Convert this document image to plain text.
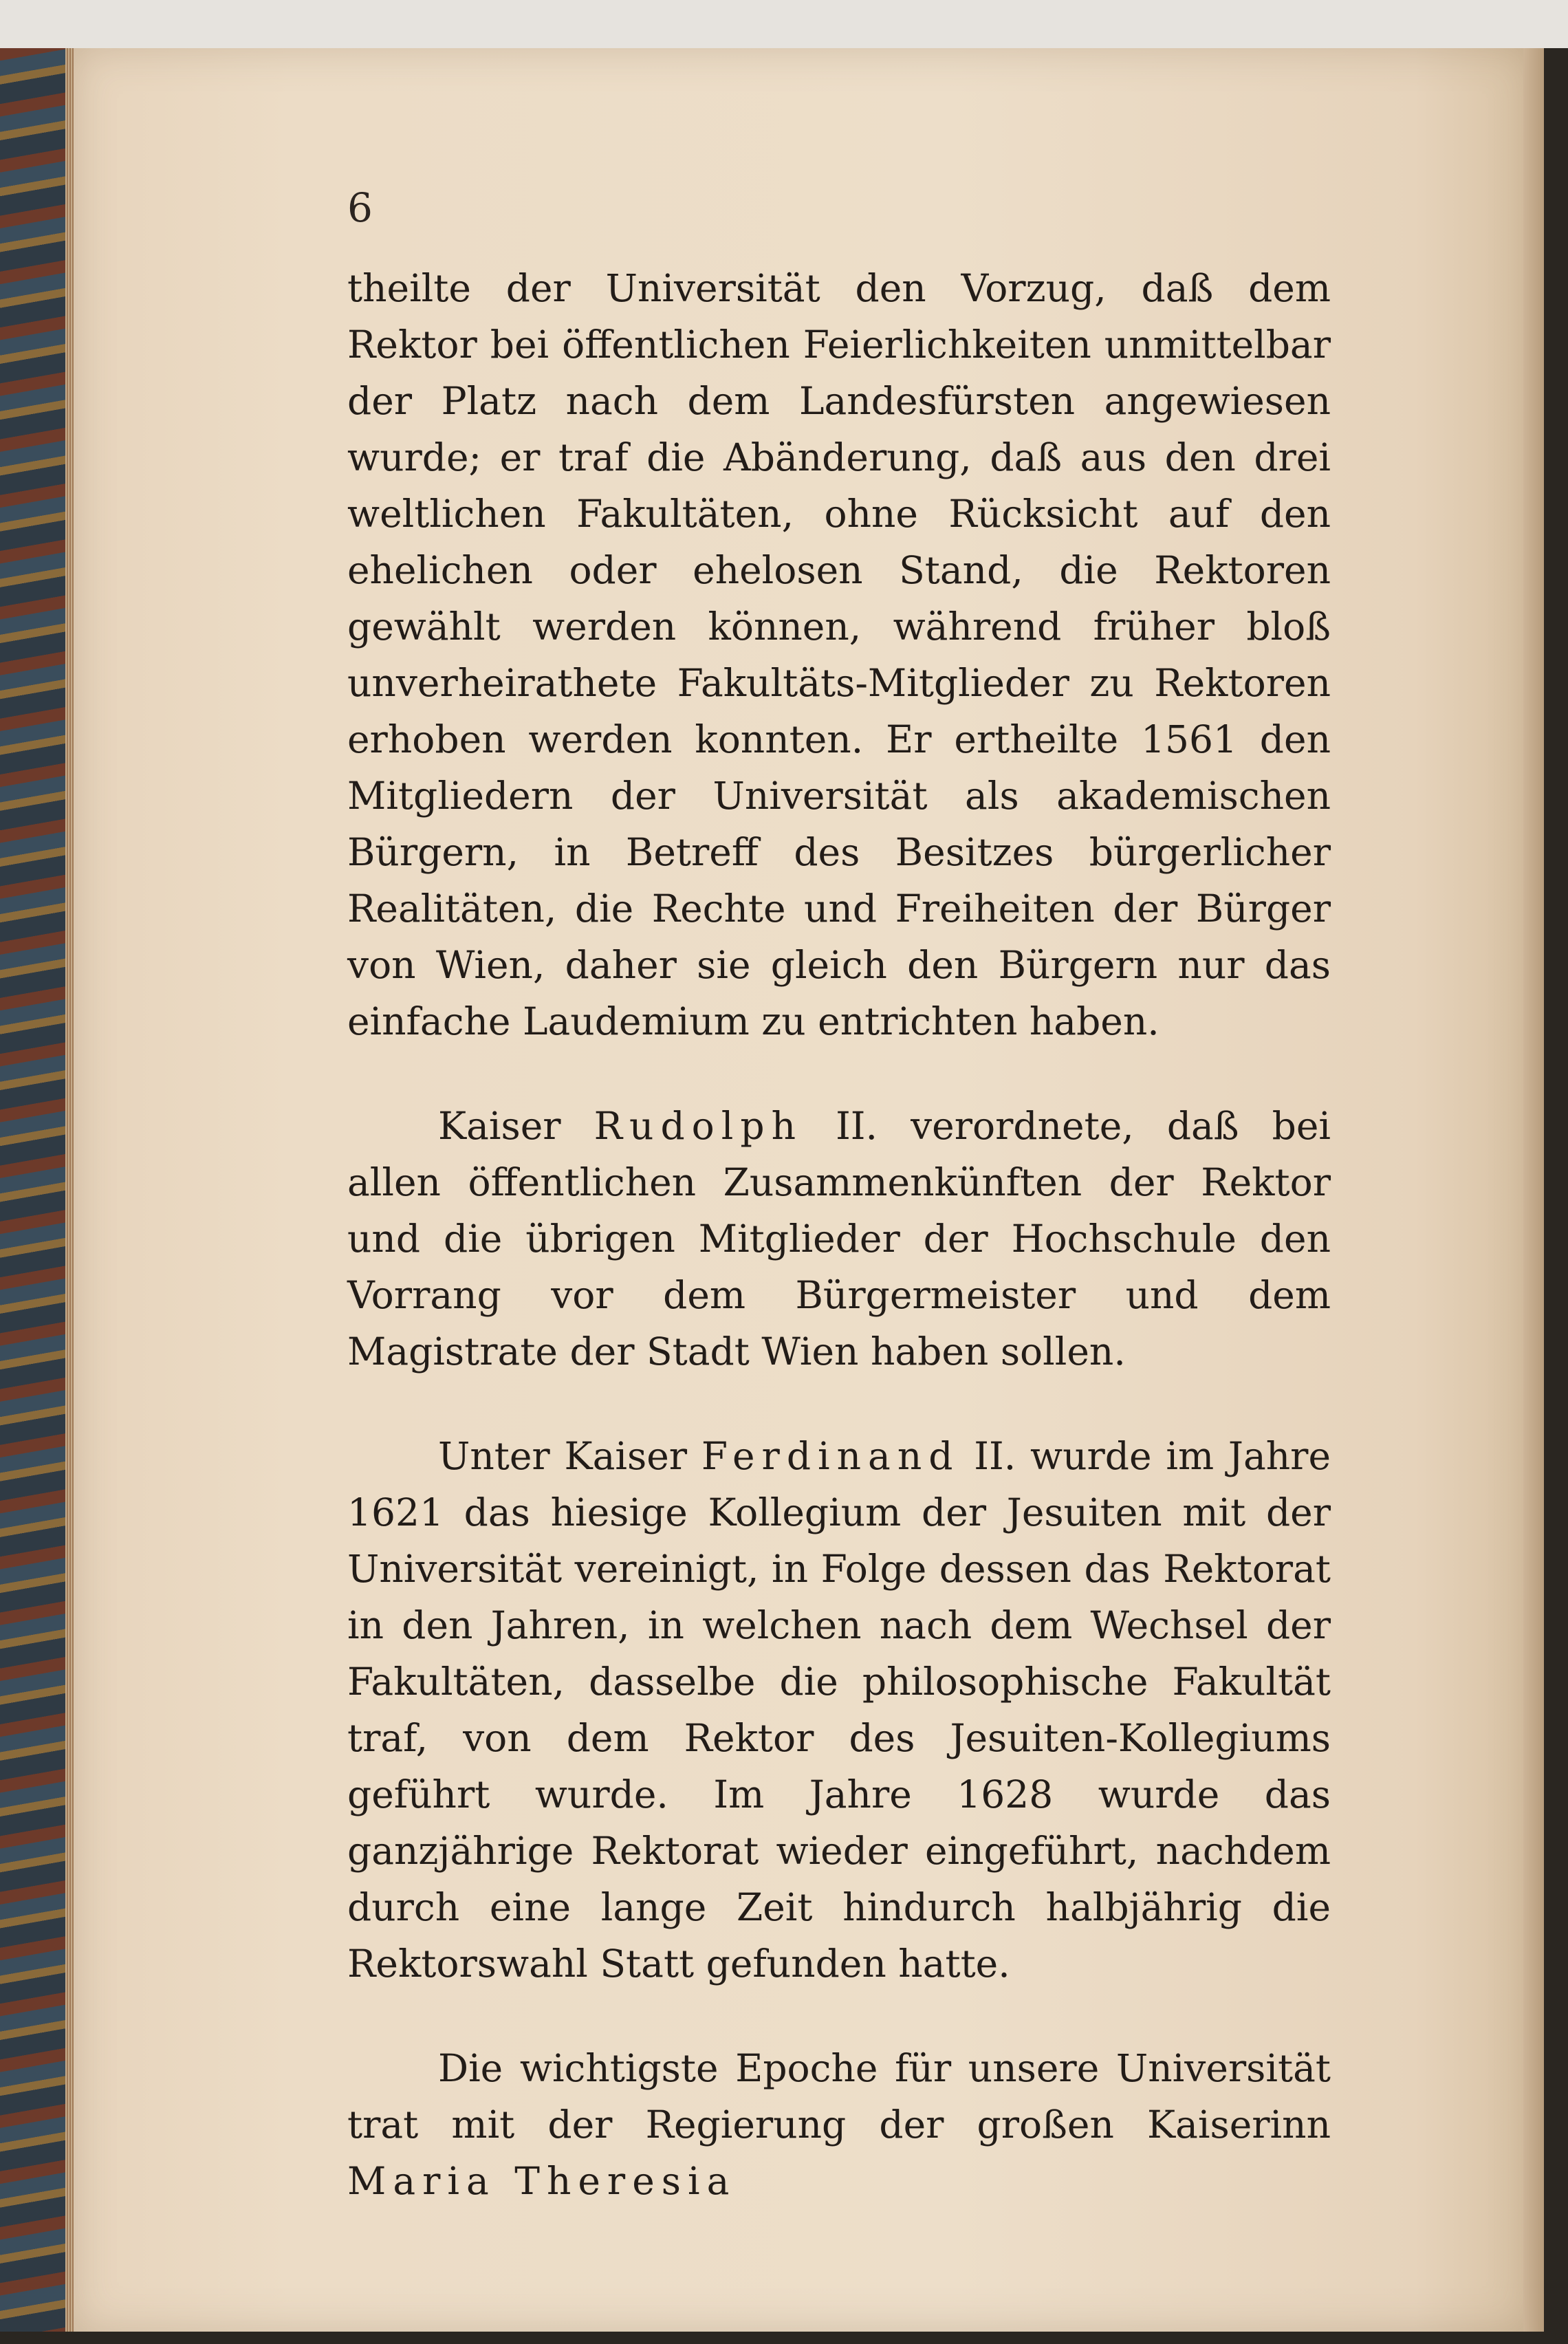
6

theilte der Universität den Vorzug, daß dem Rektor bei öffentlichen Feierlichkeiten unmittelbar der Platz nach dem Landesfürsten angewiesen wurde; er traf die Abänderung, daß aus den drei weltlichen Fakultäten, ohne Rücksicht auf den ehelichen oder ehelosen Stand, die Rektoren gewählt werden können, während früher bloß unverheirathete Fakultäts-Mitglieder zu Rektoren erhoben werden konnten. Er ertheilte 1561 den Mitgliedern der Universität als akademischen Bürgern, in Betreff des Besitzes bürgerlicher Realitäten, die Rechte und Freiheiten der Bürger von Wien, daher sie gleich den Bürgern nur das einfache Laudemium zu entrichten haben.

Kaiser Rudolph II. verordnete, daß bei allen öffentlichen Zusammenkünften der Rektor und die übrigen Mitglieder der Hochschule den Vorrang vor dem Bürgermeister und dem Magistrate der Stadt Wien haben sollen.

Unter Kaiser Ferdinand II. wurde im Jahre 1621 das hiesige Kollegium der Jesuiten mit der Universität vereinigt, in Folge dessen das Rektorat in den Jahren, in welchen nach dem Wechsel der Fakultäten, dasselbe die philosophische Fakultät traf, von dem Rektor des Jesuiten-Kollegiums geführt wurde. Im Jahre 1628 wurde das ganzjährige Rektorat wieder eingeführt, nachdem durch eine lange Zeit hindurch halbjährig die Rektorswahl Statt gefunden hatte.

Die wichtigste Epoche für unsere Universität trat mit der Regierung der großen Kaiserinn Maria Theresia
